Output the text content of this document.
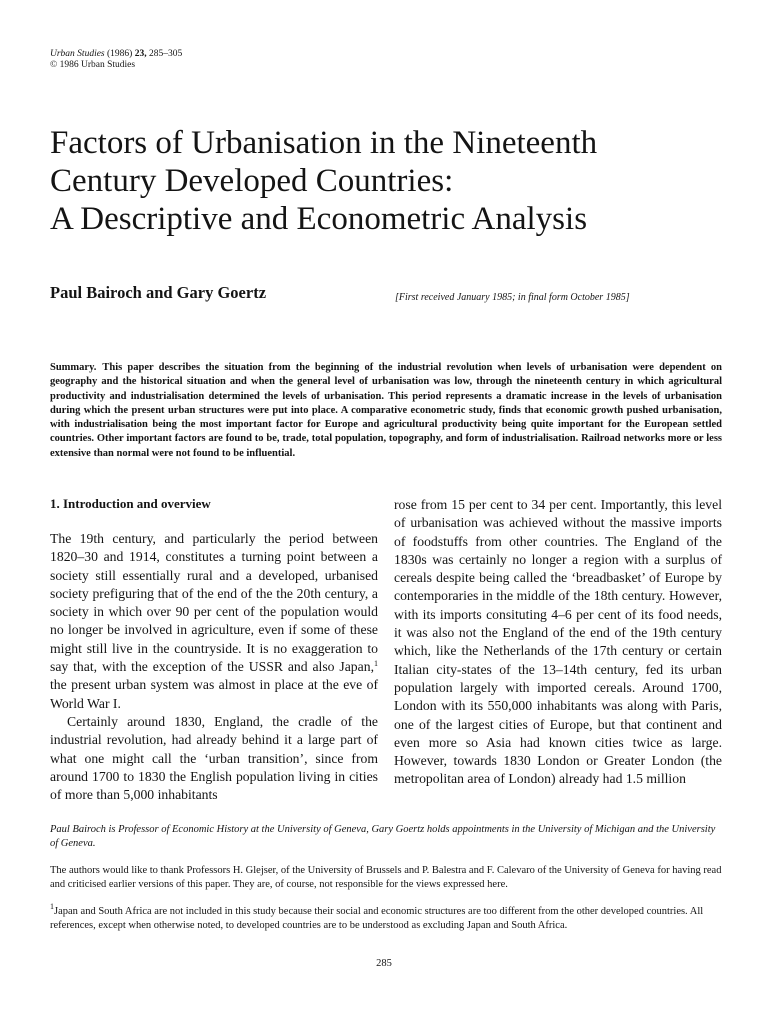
Urban Studies (1986) 23, 285–305
© 1986 Urban Studies
Factors of Urbanisation in the Nineteenth
Century Developed Countries:
A Descriptive and Econometric Analysis
Paul Bairoch and Gary Goertz	[First received January 1985; in final form October 1985]
Summary. This paper describes the situation from the beginning of the industrial revolution when levels of urbanisation were dependent on geography and the historical situation and when the general level of urbanisation was low, through the nineteenth century in which agricultural productivity and industrialisation determined the levels of urbanisation. This period represents a dramatic increase in the levels of urbanisation during which the present urban structures were put into place. A comparative econometric study, finds that economic growth pushed urbanisation, with industrialisation being the most important factor for Europe and agricultural productivity being quite important for the European settled countries. Other important factors are found to be, trade, total population, topography, and form of industrialisation. Railroad networks more or less extensive than normal were not found to be influential.
1. Introduction and overview

The 19th century, and particularly the period between 1820–30 and 1914, constitutes a turning point between a society still essentially rural and a developed, urbanised society prefiguring that of the end of the the 20th century, a society in which over 90 per cent of the population would no longer be involved in agriculture, even if some of these might still live in the countryside. It is no exaggeration to say that, with the exception of the USSR and also Japan,$^1$ the present urban system was almost in place at the eve of World War I.

Certainly around 1830, England, the cradle of the industrial revolution, had already behind it a large part of what one might call the ‘urban transition’, since from around 1700 to 1830 the English population living in cities of more than 5,000 inhabitants

rose from 15 per cent to 34 per cent. Importantly, this level of urbanisation was achieved without the massive imports of foodstuffs from other countries. The England of the 1830s was certainly no longer a region with a surplus of cereals despite being called the ‘breadbasket’ of Europe by contemporaries in the middle of the 18th century. However, with its imports consituting 4–6 per cent of its food needs, it was also not the England of the end of the 19th century which, like the Netherlands of the 17th century or certain Italian city-states of the 13–14th century, fed its urban population largely with imported cereals. Around 1700, London with its 550,000 inhabitants was along with Paris, one of the largest cities of Europe, but that continent and even more so Asia had known cities twice as large. However, towards 1830 London or Greater London (the metropolitan area of London) already had 1.5 million

Paul Bairoch is Professor of Economic History at the University of Geneva, Gary Goertz holds appointments in the University of Michigan and the University of Geneva.
The authors would like to thank Professors H. Glejser, of the University of Brussels and P. Balestra and F. Calevaro of the University of Geneva for having read and criticised earlier versions of this paper. They are, of course, not responsible for the views expressed here.
$^1$Japan and South Africa are not included in this study because their social and economic structures are too different from the other developed countries. All references, except when otherwise noted, to developed countries are to be understood as excluding Japan and South Africa.
285
